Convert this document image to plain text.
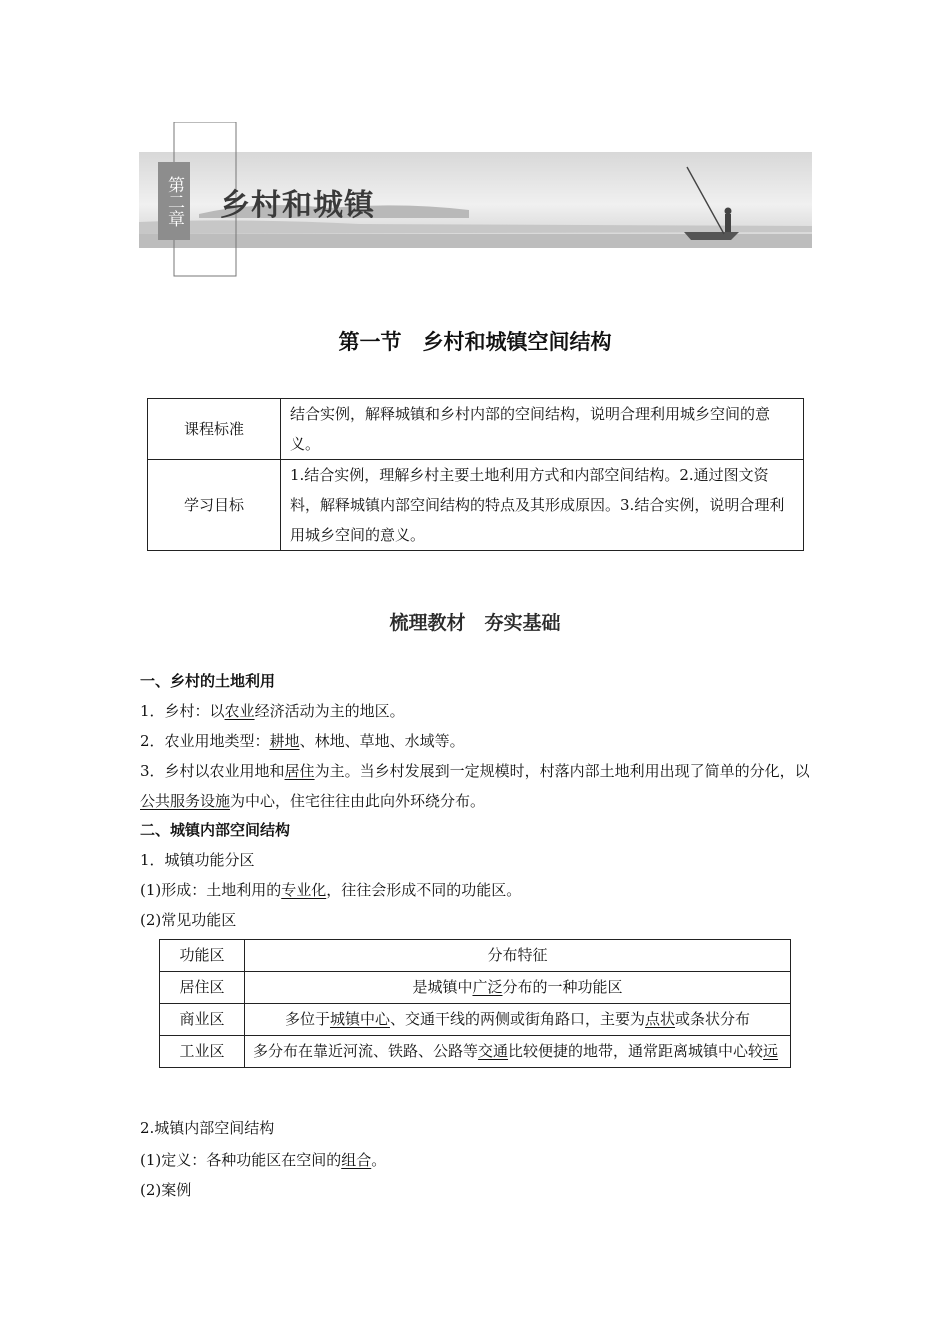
第二章 乡村和城镇
第一节　乡村和城镇空间结构
课程标准	结合实例，解释城镇和乡村内部的空间结构，说明合理利用城乡空间的意义。
学习目标	1.结合实例，理解乡村主要土地利用方式和内部空间结构。2.通过图文资料，解释城镇内部空间结构的特点及其形成原因。3.结合实例，说明合理利用城乡空间的意义。
梳理教材　夯实基础
一、乡村的土地利用
1．乡村：以农业经济活动为主的地区。
2．农业用地类型：耕地、林地、草地、水域等。
3．乡村以农业用地和居住为主。当乡村发展到一定规模时，村落内部土地利用出现了简单的分化，以公共服务设施为中心，住宅往往由此向外环绕分布。
二、城镇内部空间结构
1．城镇功能分区
(1)形成：土地利用的专业化，往往会形成不同的功能区。
(2)常见功能区
功能区	分布特征
居住区	是城镇中广泛分布的一种功能区
商业区	多位于城镇中心、交通干线的两侧或街角路口，主要为点状或条状分布
工业区	多分布在靠近河流、铁路、公路等交通比较便捷的地带，通常距离城镇中心较远
2.城镇内部空间结构
(1)定义：各种功能区在空间的组合。
(2)案例
